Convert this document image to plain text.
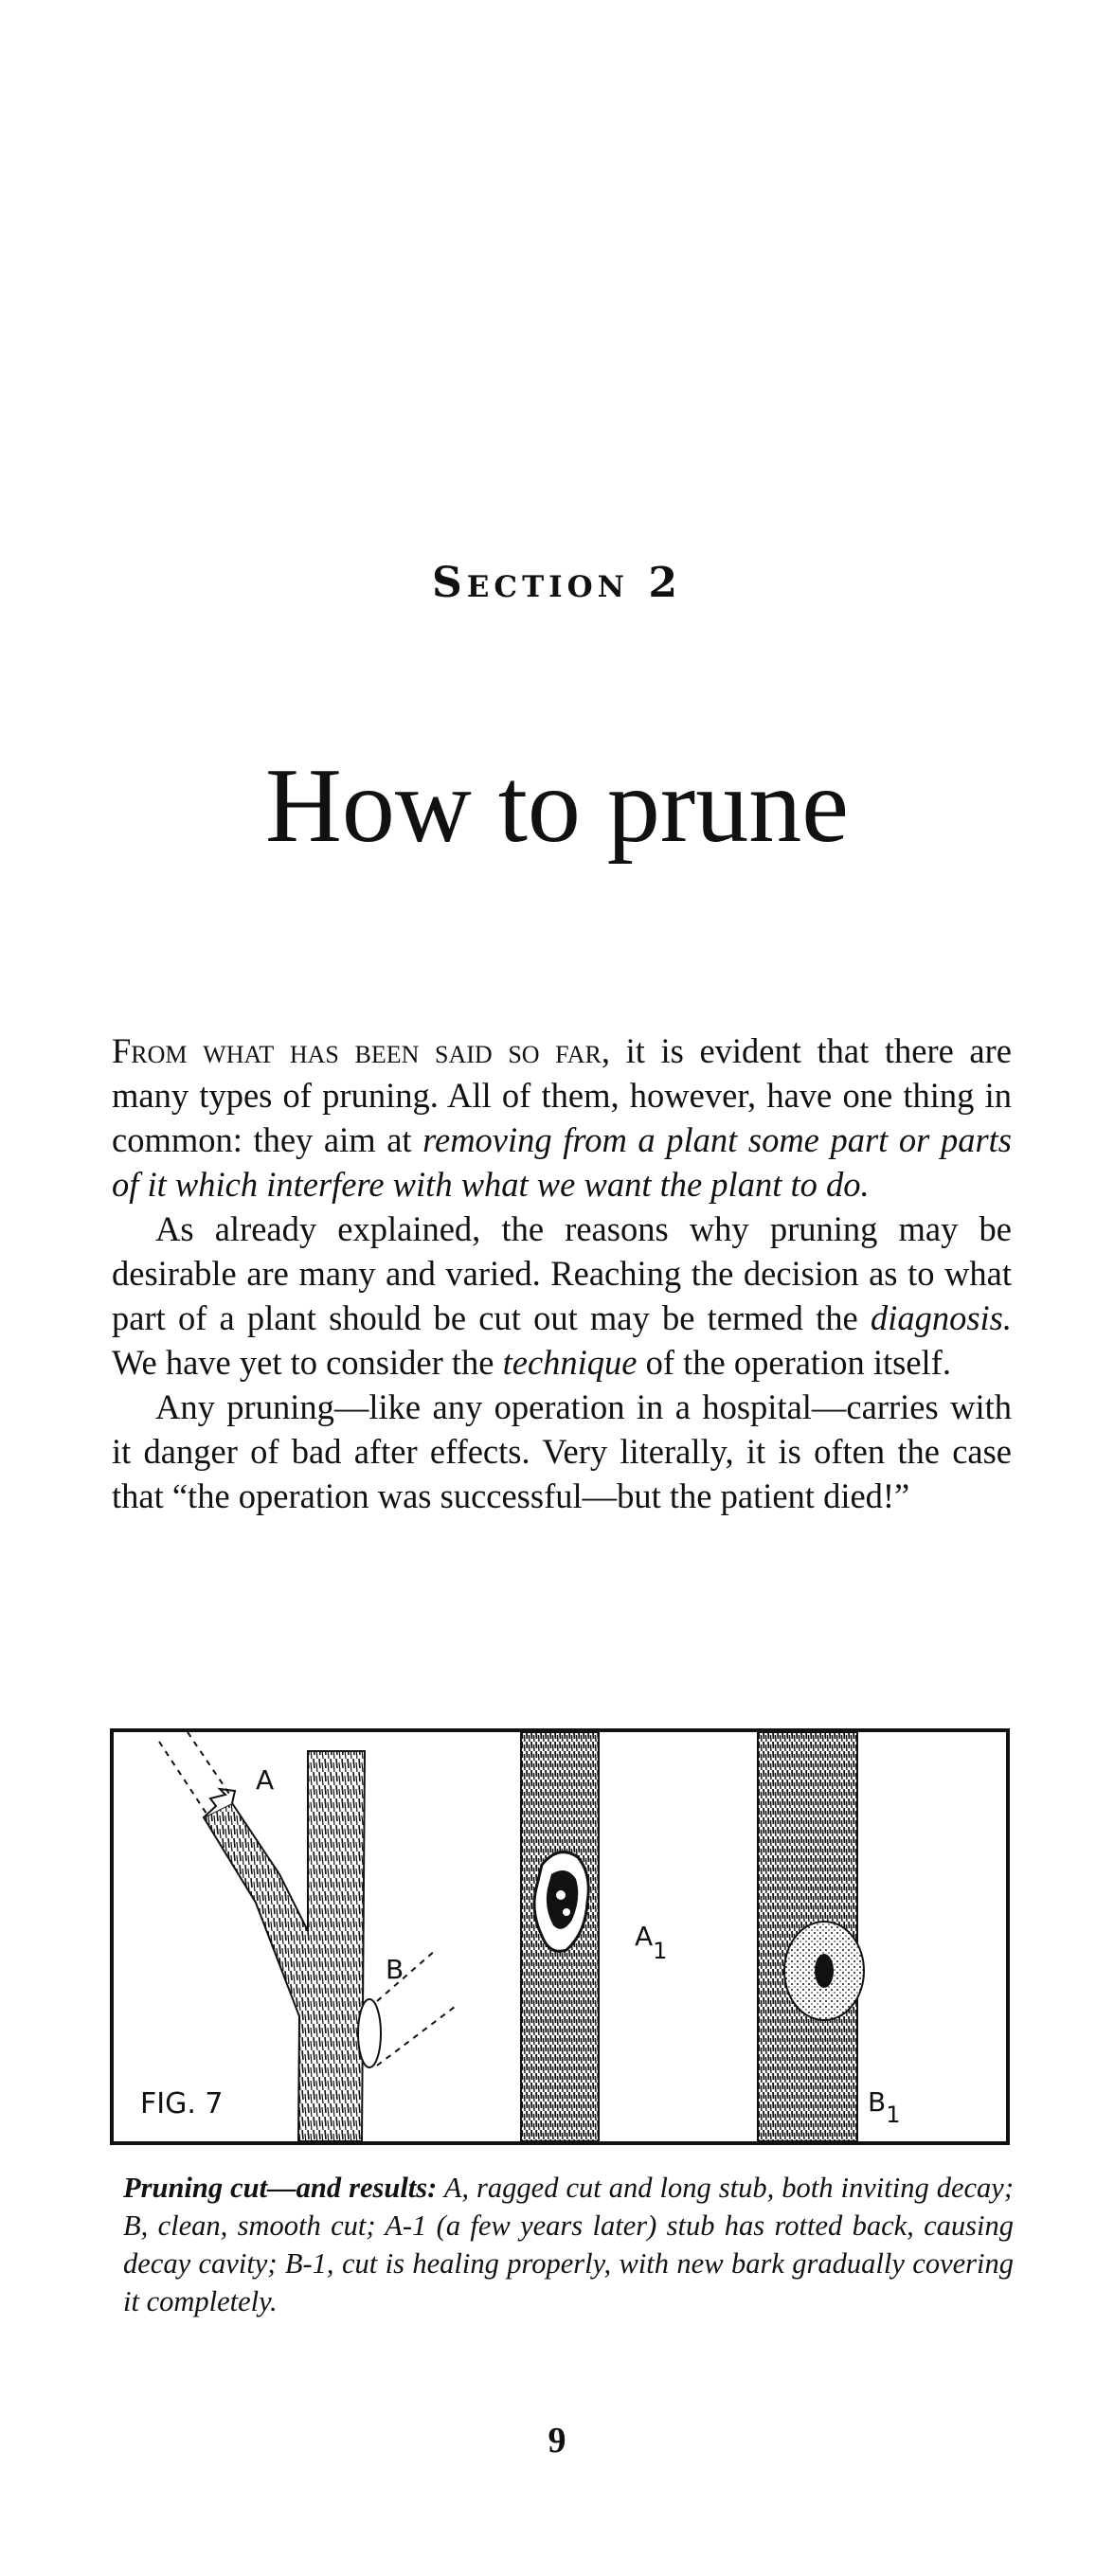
Section 2
How to prune

From what has been said so far, it is evident that there are many types of pruning. All of them, however, have one thing in common: they aim at removing from a plant some part or parts of it which interfere with what we want the plant to do.

As already explained, the reasons why pruning may be desirable are many and varied. Reaching the decision as to what part of a plant should be cut out may be termed the diagnosis. We have yet to consider the technique of the operation itself.

Any pruning—like any operation in a hospital—carries with it danger of bad after effects. Very literally, it is often the case that “the operation was successful—but the patient died!”

A
B
A1
B1
FIG. 7
Pruning cut—and results: A, ragged cut and long stub, both inviting decay; B, clean, smooth cut; A-1 (a few years later) stub has rotted back, causing decay cavity; B-1, cut is healing properly, with new bark gradually covering it completely.
9
